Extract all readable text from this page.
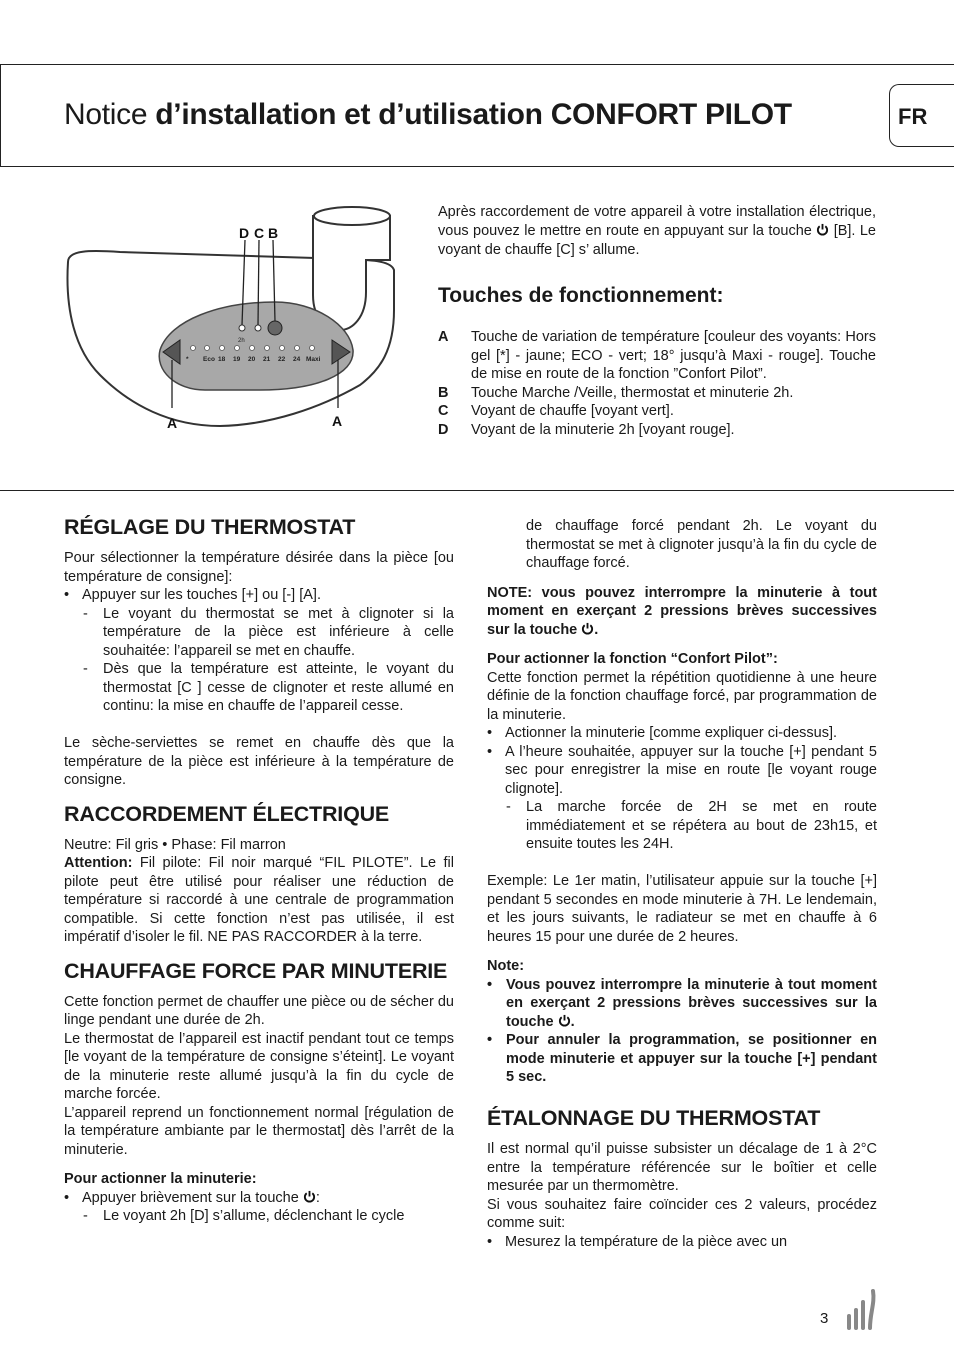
Notice d’installation et d’utilisation CONFORT PILOT	FR
* Eco 18 19 20 21 22 24 Maxi
2h
D C B
A	A
Après raccordement de votre appareil à votre installation électrique, vous pouvez le mettre en route en appuyant sur la touche  [B]. Le voyant de chauffe [C] s’ allume.
Touches de fonctionnement:
A	Touche de variation de température [couleur des voyants: Hors gel [*] - jaune; ECO - vert; 18° jusqu’à Maxi - rouge]. Touche de mise en route de la fonction ”Confort Pilot”.
B	Touche Marche /Veille, thermostat et minuterie 2h.
C	Voyant de chauffe [voyant vert].
D	Voyant de la minuterie 2h [voyant rouge].
RÉGLAGE DU THERMOSTAT

Pour sélectionner la température désirée dans la pièce [ou température de consigne]:

• Appuyer sur les touches [+] ou [-] [A].
-	Le voyant du thermostat se met à clignoter si la température de la pièce est inférieure à celle souhaitée: l’appareil se met en chauffe.
-	Dès que la température est atteinte, le voyant du thermostat [C ] cesse de clignoter et reste allumé en continu: la mise en chauffe de l’appareil cesse.

Le sèche-serviettes se remet en chauffe dès que la température de la pièce est inférieure à la température de consigne.

RACCORDEMENT ÉLECTRIQUE

Neutre: Fil gris • Phase: Fil marron

Attention: Fil pilote: Fil noir marqué “FIL PILOTE”. Le fil pilote peut être utilisé pour réaliser une réduction de température si raccordé à une centrale de programmation compatible. Si cette fonction n’est pas utilisée, il est impératif d’isoler le fil. NE PAS RACCORDER à la terre.

CHAUFFAGE FORCE PAR MINUTERIE

Cette fonction permet de chauffer une pièce ou de sécher du linge pendant une durée de 2h.

Le thermostat de l’appareil est inactif pendant tout ce temps [le voyant de la température de consigne s’éteint]. Le voyant de la minuterie reste allumé jusqu’à la fin du cycle de marche forcée.

L’appareil reprend un fonctionnement normal [régulation de la température ambiante par le thermostat] dès l’arrêt de la minuterie.

Pour actionner la minuterie:

• Appuyer brièvement sur la touche :
-	Le voyant 2h [D] s’allume, déclenchant le cycle

de chauffage forcé pendant 2h. Le voyant du thermostat se met à clignoter jusqu’à la fin du cycle de chauffage forcé.

NOTE: vous pouvez interrompre la minuterie à tout moment en exerçant 2 pressions brèves successives sur la touche .

Pour actionner la fonction “Confort Pilot”:

Cette fonction permet la répétition quotidienne à une heure définie de la fonction chauffage forcé, par programmation de la minuterie.

• Actionner la minuterie [comme expliquer ci-dessus].
• A l’heure souhaitée, appuyer sur la touche [+] pendant 5 sec pour enregistrer la mise en route [le voyant rouge clignote].
-	La marche forcée de 2H se met en route immédiatement et se répétera au bout de 23h15, et ensuite toutes les 24H.

Exemple: Le 1er matin, l’utilisateur appuie sur la touche [+] pendant 5 secondes en mode minuterie à 7H. Le lendemain, et les jours suivants, le radiateur se met en chauffe à 6 heures 15 pour une durée de 2 heures.

Note:

• Vous pouvez interrompre la minuterie à tout moment en exerçant 2 pressions brèves successives sur la touche .
• Pour annuler la programmation, se positionner en mode minuterie et appuyer sur la touche [+] pendant 5 sec.
ÉTALONNAGE DU THERMOSTAT

Il est normal qu’il puisse subsister un décalage de 1 à 2°C entre la température référencée sur le boîtier et celle mesurée par un thermomètre.

Si vous souhaitez faire coïncider ces 2 valeurs, procédez comme suit:

• Mesurez la température de la pièce avec un
3
